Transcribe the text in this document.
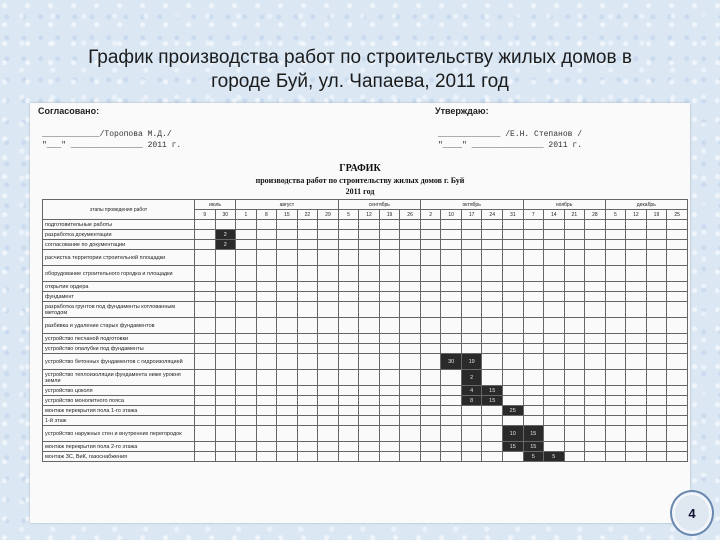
График производства работ по строительству жилых домов в
городе Буй, ул. Чапаева, 2011 год
Согласовано:
____________/Торопова М.Д./
"___" _______________ 2011 г.
Утверждаю:
_____________ /Е.Н. Степанов /
"____" _______________ 2011 г.
ГРАФИК
производства работ по строительству жилых домов г. Буй
2011 год
этапы проведения работ	июль		август					сентябрь				октябрь					ноябрь				декабрь			
	9	30	1	8	15	22	29	5	12	19	26	2	10	17	24	31	7	14	21	28	5	12	19	25
подготовительные работы																								
разработка документации		2																						
согласование по документации		2																						
расчистка территории строительной площадки																								
оборудование строительного городка и площадки																								
открытие ордера																								
фундамент																								
разработка грунтов под фундаменты котлованным методом																								
разбивка и удаление старых фундаментов																								
устройство песчаной подготовки																								
устройство опалубки под фундаменты																								
устройство бетонных фундаментов с гидроизоляцией													30	19										
устройство теплоизоляции фундамента ниже уровня земли														2										
устройство цоколя														4	15									
устройство монолитного пояса														8	15									
монтаж перекрытия пола 1-го этажа																25								
1-й этаж																								
устройство наружных стен и внутренних перегородок																10	15							
монтаж перекрытия пола 2-го этажа																15	15							
монтаж ЗС, ВиК, газоснабжения																	5	5						
4
